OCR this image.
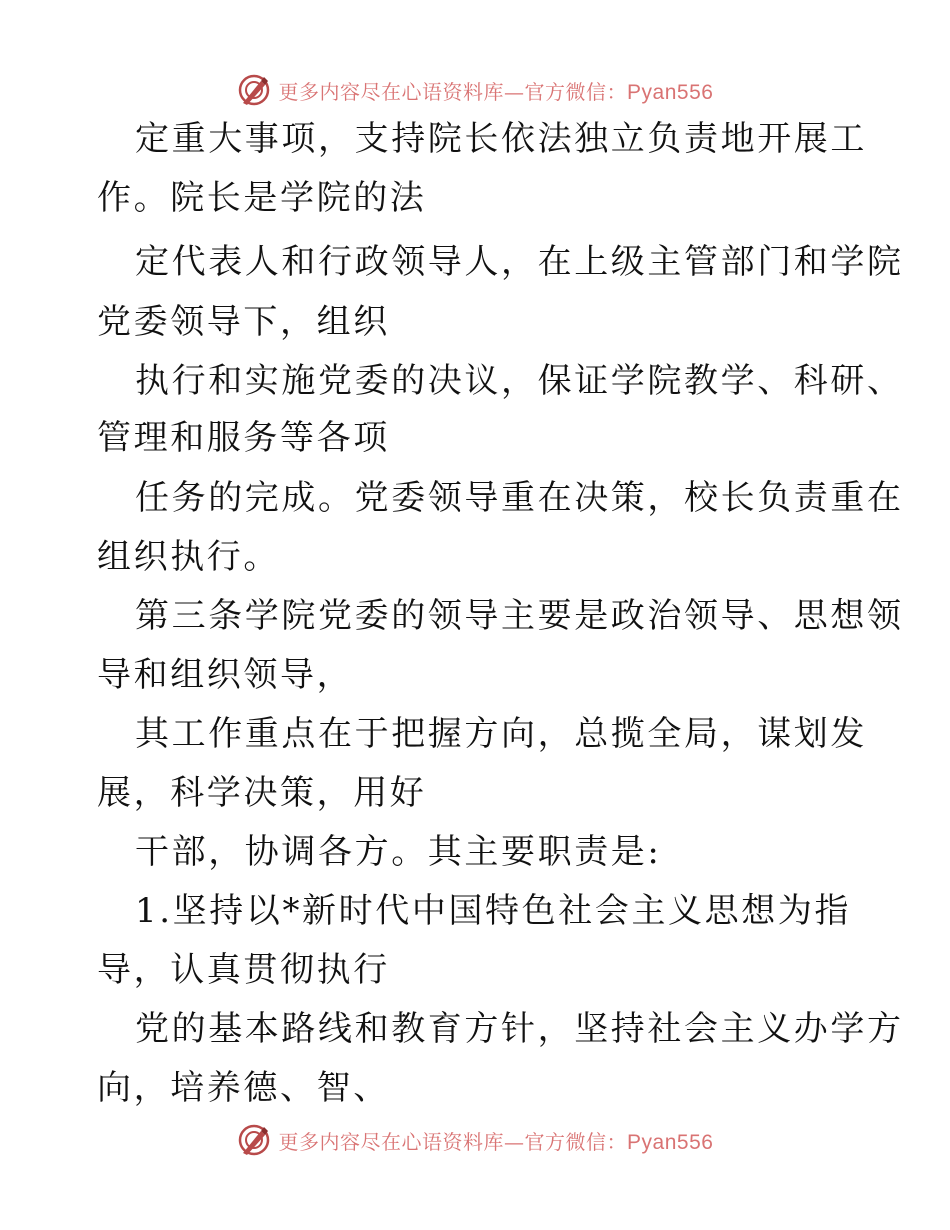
更多内容尽在心语资料库—官方微信：Pyan556
定重大事项，支持院长依法独立负责地开展工
作。院长是学院的法
定代表人和行政领导人，在上级主管部门和学院
党委领导下，组织
执行和实施党委的决议，保证学院教学、科研、
管理和服务等各项
任务的完成。党委领导重在决策，校长负责重在
组织执行。
第三条学院党委的领导主要是政治领导、思想领
导和组织领导，
其工作重点在于把握方向，总揽全局，谋划发
展，科学决策，用好
干部，协调各方。其主要职责是:
1.坚持以*新时代中国特色社会主义思想为指
导，认真贯彻执行
党的基本路线和教育方针，坚持社会主义办学方
向，培养德、智、
更多内容尽在心语资料库—官方微信：Pyan556
